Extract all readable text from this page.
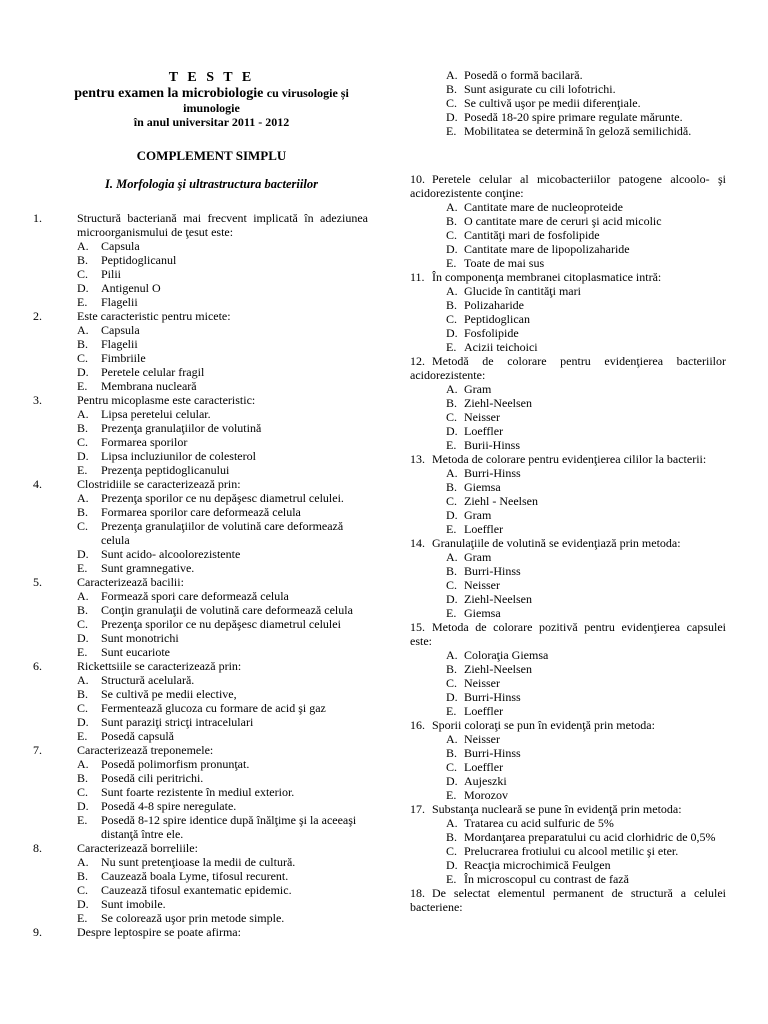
T E S T E
pentru examen la microbiologie cu virusologie și
imunologie
în anul universitar 2011 - 2012
COMPLEMENT SIMPLU
I. Morfologia şi ultrastructura bacteriilor
1.	Structură bacteriană mai frecvent implicată în adeziunea microorganismului de ţesut este:
A.	Capsula
B.	Peptidoglicanul
C.	Pilii
D.	Antigenul O
E.	Flagelii
2.	Este caracteristic pentru micete:
A.	Capsula
B.	Flagelii
C.	Fimbriile
D.	Peretele celular fragil
E.	Membrana nucleară
3.	Pentru micoplasme este caracteristic:
A.	Lipsa peretelui celular.
B.	Prezenţa granulaţiilor de volutină
C.	Formarea sporilor
D.	Lipsa incluziunilor de colesterol
E.	Prezenţa peptidoglicanului
4.	Clostridiile se caracterizează prin:
A.	Prezenţa sporilor ce nu depăşesc diametrul celulei.
B.	Formarea sporilor care deformează celula
C.	Prezenţa granulaţiilor de volutină care deformează celula
D.	Sunt acido- alcoolorezistente
E.	Sunt gramnegative.
5.	Caracterizează bacilii:
A.	Formează spori care deformează celula
B.	Conţin granulaţii de volutină care deformează celula
C.	Prezenţa sporilor ce nu depăşesc diametrul celulei
D.	Sunt monotrichi
E.	Sunt eucariote
6.	Rickettsiile se caracterizează prin:
A.	Structură acelulară.
B.	Se cultivă pe medii elective,
C.	Fermentează glucoza cu formare de acid şi gaz
D.	Sunt paraziţi stricţi intracelulari
E.	Posedă capsulă
7.	Caracterizează treponemele:
A.	Posedă polimorfism pronunţat.
B.	Posedă cili peritrichi.
C.	Sunt foarte rezistente în mediul exterior.
D.	Posedă 4-8 spire neregulate.
E.	Posedă 8-12 spire identice după înălţime şi la aceeaşi distanţă între ele.
8.	Caracterizează borreliile:
A.	Nu sunt pretenţioase la medii de cultură.
B.	Cauzează boala Lyme, tifosul recurent.
C.	Cauzează tifosul exantematic epidemic.
D.	Sunt imobile.
E.	Se colorează uşor prin metode simple.
9.	Despre leptospire se poate afirma:
A. Posedă o formă bacilară.
B. Sunt asigurate cu cili lofotrichi.
C. Se cultivă uşor pe medii diferenţiale.
D. Posedă 18-20 spire primare regulate mărunte.
E. Mobilitatea se determină în geloză semilichidă.
10. Peretele celular al micobacteriilor patogene alcoolo- şi acidorezistente conţine:
A. Cantitate mare de nucleoproteide
B. O cantitate mare de ceruri şi acid micolic
C. Cantităţi mari de fosfolipide
D. Cantitate mare de lipopolizaharide
E. Toate de mai sus
11. În componenţa membranei citoplasmatice intră:
A. Glucide în cantităţi mari
B. Polizaharide
C. Peptidoglican
D. Fosfolipide
E. Acizii teichoici
12. Metodă de colorare pentru evidenţierea bacteriilor acidorezistente:
A. Gram
B. Ziehl-Neelsen
C. Neisser
D. Loeffler
E. Burii-Hinss
13. Metoda de colorare pentru evidenţierea cililor la bacterii:
A. Burri-Hinss
B. Giemsa
C. Ziehl - Neelsen
D. Gram
E. Loeffler
14. Granulaţiile de volutină se evidenţiază prin metoda:
A. Gram
B. Burri-Hinss
C. Neisser
D. Ziehl-Neelsen
E. Giemsa
15. Metoda de colorare pozitivă pentru evidenţierea capsulei este:
A. Coloraţia Giemsa
B. Ziehl-Neelsen
C. Neisser
D. Burri-Hinss
E. Loeffler
16. Sporii coloraţi se pun în evidenţă prin metoda:
A. Neisser
B. Burri-Hinss
C. Loeffler
D. Aujeszki
E. Morozov
17. Substanţa nucleară se pune în evidenţă prin metoda:
A. Tratarea cu acid sulfuric de 5%
B. Mordanţarea preparatului cu acid clorhidric de 0,5%
C. Prelucrarea frotiului cu alcool metilic şi eter.
D. Reacţia microchimică Feulgen
E. În microscopul cu contrast de fază
18. De selectat elementul permanent de structură a celulei bacteriene:
